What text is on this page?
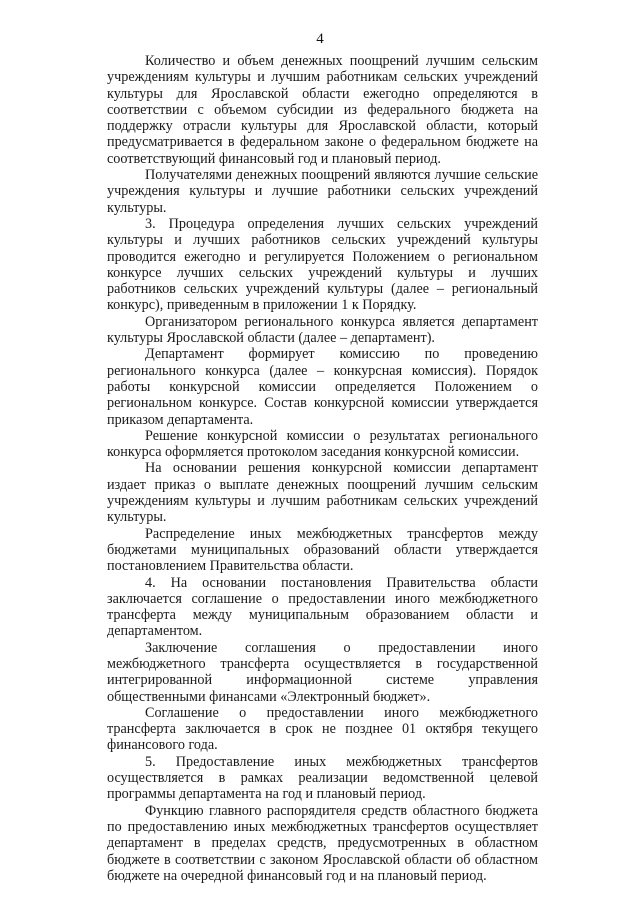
4

Количество и объем денежных поощрений лучшим сельским учреждениям культуры и лучшим работникам сельских учреждений культуры для Ярославской области ежегодно определяются в соответствии с объемом субсидии из федерального бюджета на поддержку отрасли культуры для Ярославской области, который предусматривается в федеральном законе о федеральном бюджете на соответствующий финансовый год и плановый период.

Получателями денежных поощрений являются лучшие сельские учреждения культуры и лучшие работники сельских учреждений культуры.

3. Процедура определения лучших сельских учреждений культуры и лучших работников сельских учреждений культуры проводится ежегодно и регулируется Положением о региональном конкурсе лучших сельских учреждений культуры и лучших работников сельских учреждений культуры (далее – региональный конкурс), приведенным в приложении 1 к Порядку.

Организатором регионального конкурса является департамент культуры Ярославской области (далее – департамент).

Департамент формирует комиссию по проведению регионального конкурса (далее – конкурсная комиссия). Порядок работы конкурсной комиссии определяется Положением о региональном конкурсе. Состав конкурсной комиссии утверждается приказом департамента.

Решение конкурсной комиссии о результатах регионального конкурса оформляется протоколом заседания конкурсной комиссии.

На основании решения конкурсной комиссии департамент издает приказ о выплате денежных поощрений лучшим сельским учреждениям культуры и лучшим работникам сельских учреждений культуры.

Распределение иных межбюджетных трансфертов между бюджетами муниципальных образований области утверждается постановлением Правительства области.

4. На основании постановления Правительства области заключается соглашение о предоставлении иного межбюджетного трансферта между муниципальным образованием области и департаментом.

Заключение соглашения о предоставлении иного межбюджетного трансферта осуществляется в государственной интегрированной информационной системе управления общественными финансами «Электронный бюджет».

Соглашение о предоставлении иного межбюджетного трансферта заключается в срок не позднее 01 октября текущего финансового года.

5. Предоставление иных межбюджетных трансфертов осуществляется в рамках реализации ведомственной целевой программы департамента на год и плановый период.

Функцию главного распорядителя средств областного бюджета по предоставлению иных межбюджетных трансфертов осуществляет департамент в пределах средств, предусмотренных в областном бюджете в соответствии с законом Ярославской области об областном бюджете на очередной финансовый год и на плановый период.
